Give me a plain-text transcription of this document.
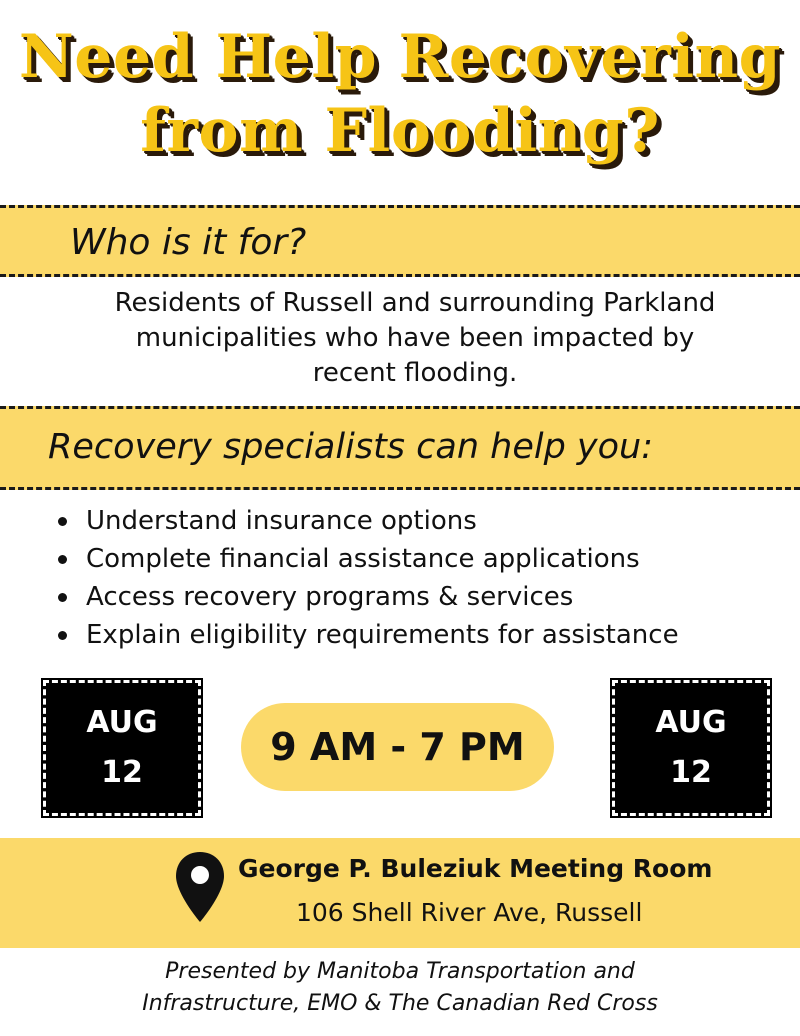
Need Help Recovering
from Flooding?
Who is it for?
Residents of Russell and surrounding Parkland
municipalities who have been impacted by
recent flooding.
Recovery specialists can help you:
Understand insurance options
Complete financial assistance applications
Access recovery programs & services
Explain eligibility requirements for assistance
AUG
12
9 AM - 7 PM
AUG
12
George P. Buleziuk Meeting Room
106 Shell River Ave, Russell
Presented by Manitoba Transportation and
Infrastructure, EMO & The Canadian Red Cross
